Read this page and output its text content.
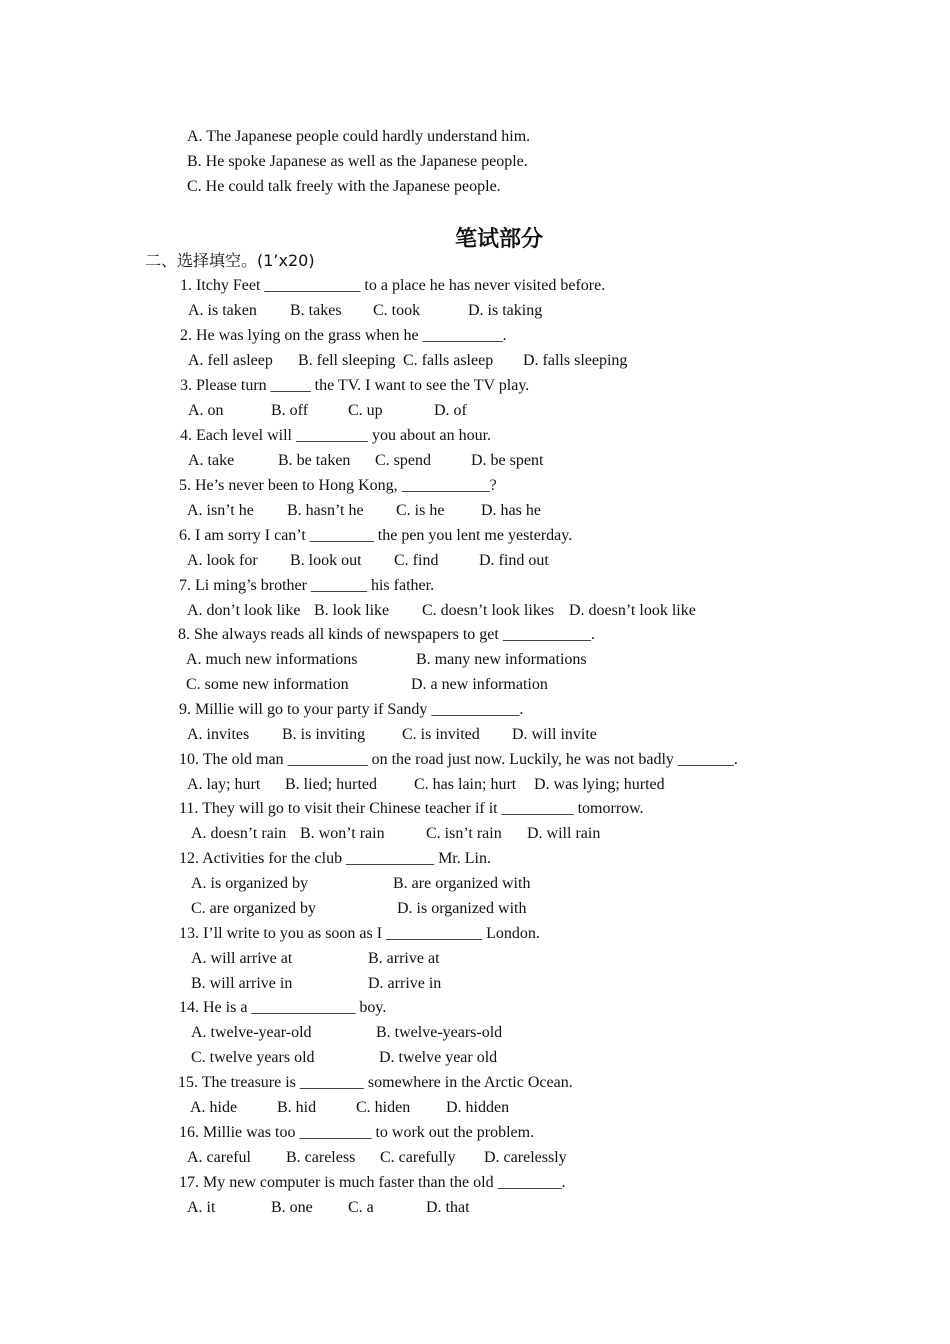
A. The Japanese people could hardly understand him.
B. He spoke Japanese as well as the Japanese people.
C. He could talk freely with the Japanese people.
笔试部分
二、选择填空。(1’x20)
1. Itchy Feet ____________ to a place he has never visited before.
A. is taken B. takes C. took	D. is taking
2. He was lying on the grass when he __________.
A. fell asleep B. fell sleeping C. falls asleep D. falls sleeping
3. Please turn _____ the TV. I want to see the TV play.
A. on	B. off C. up	D. of
4. Each level will _________ you about an hour.
A. take	B. be taken C. spend	D. be spent
5. He’s never been to Hong Kong, ___________?
A. isn’t he B. hasn’t he C. is he D. has he
6. I am sorry I can’t ________ the pen you lent me yesterday.
A. look for B. look out C. find	D. find out
7. Li ming’s brother _______ his father.
A. don’t look like B. look like C. doesn’t look likes D. doesn’t look like
8. She always reads all kinds of newspapers to get ___________.
A. much new informations	B. many new informations
C. some new information	D. a new information
9. Millie will go to your party if Sandy ___________.
A. invites B. is inviting C. is invited D. will invite
10. The old man __________ on the road just now. Luckily, he was not badly _______.
A. lay; hurt B. lied; hurted C. has lain; hurt D. was lying; hurted
11. They will go to visit their Chinese teacher if it _________ tomorrow.
A. doesn’t rain B. won’t rain	C. isn’t rain D. will rain
12. Activities for the club ___________ Mr. Lin.
A. is organized by	B. are organized with
C. are organized by	D. is organized with
13. I’ll write to you as soon as I ____________ London.
A. will arrive at	B. arrive at
B. will arrive in	D. arrive in
14. He is a _____________ boy.
A. twelve-year-old	B. twelve-years-old
C. twelve years old	D. twelve year old
15. The treasure is ________ somewhere in the Arctic Ocean.
A. hide B. hid C. hiden D. hidden
16. Millie was too _________ to work out the problem.
A. careful B. careless C. carefully D. carelessly
17. My new computer is much faster than the old ________.
A. it	B. one C. a	D. that
